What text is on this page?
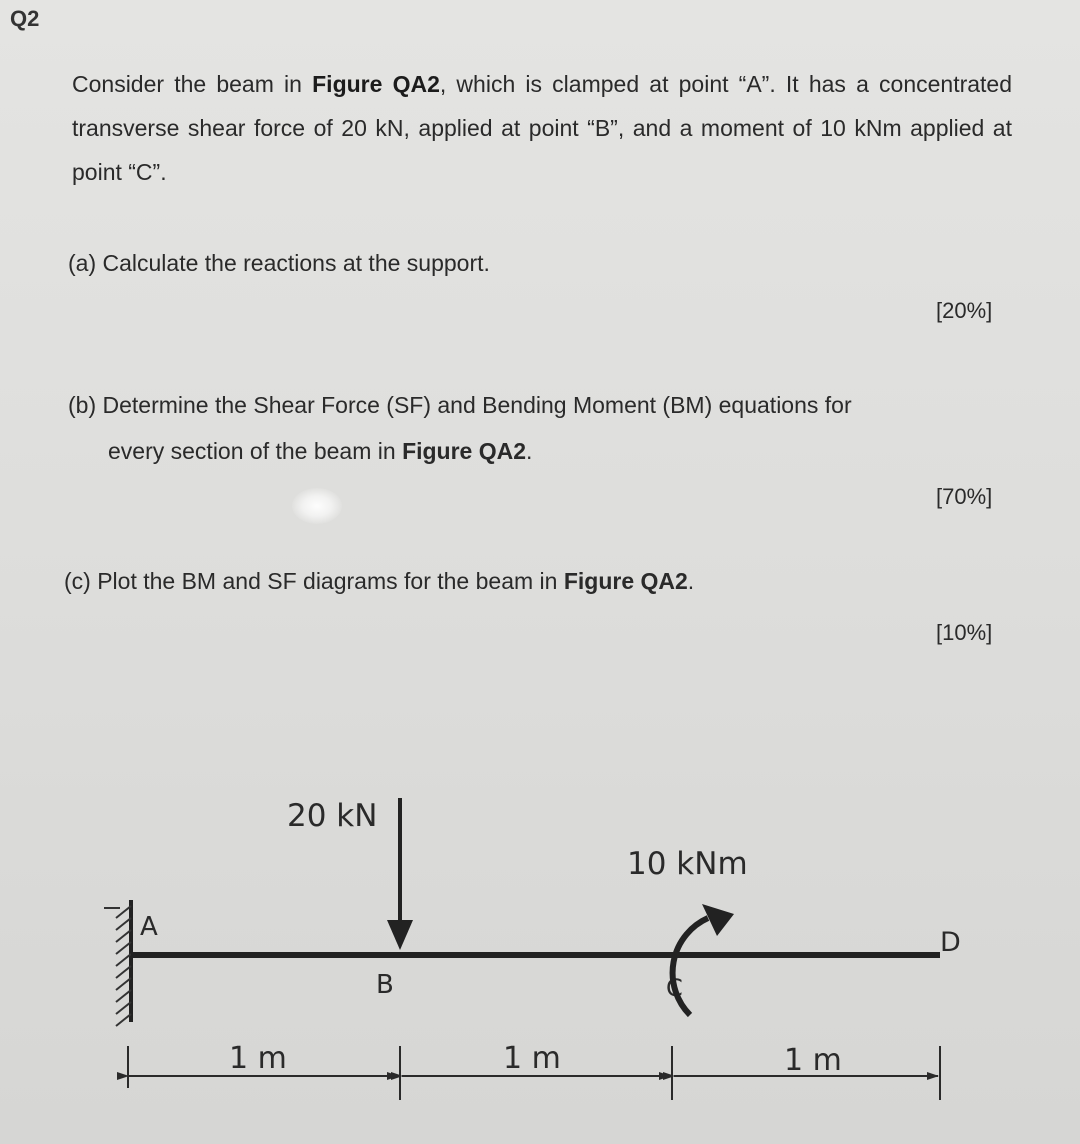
Q2
Consider the beam in Figure QA2, which is clamped at point “A”. It has a concentrated transverse shear force of 20 kN, applied at point “B”, and a moment of 10 kNm applied at point “C”.
(a) Calculate the reactions at the support.
[20%]
(b) Determine the Shear Force (SF) and Bending Moment (BM) equations for
every section of the beam in Figure QA2.
[70%]
(c) Plot the BM and SF diagrams for the beam in Figure QA2.
[10%]
A
B	C
D
20 kN
10 kNm
1 m	1 m	1 m
